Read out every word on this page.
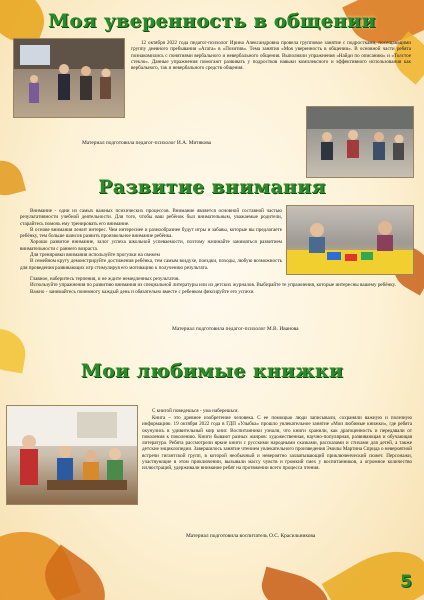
Моя уверенность в общении

12 октября 2022 года педагог-психолог Ирина Александровна провела групповое занятие с подростками, посещающими группу дневного пребывания «Агата» в «Позитив». Тема занятия «Моя уверенность в общении». В основной части ребята познакомились с понятиями вербального и невербального общения. Выполняли упражнения «Найди по описанию» и «Толстое стекло». Данные упражнения помогают развивать у подростков навыки комплексного и эффективного использования как вербального, так и невербального средств общения.

Материал подготовила педагог-психолог И.А. Митякова
Развитие внимания

Внимание - одни из самых важных психических процессов. Внимание является основной составной частью результативности учебной деятельности. Для того, чтобы ваш ребёнок был внимательным, уважаемые родители, старайтесь помочь ему тренировать его внимание.

В основе внимания лежит интерес. Чем интереснее и разнообразнее будут игры и забавы, которые вы предлагаете ребёнку, тем больше шансов развить произвольное внимание ребёнка.

Хорошо развитое внимание, залог успеха школьной успеваемости, поэтому начинайте заниматься развитием внимательности с раннего возраста.

Для тренировки внимания используйте прогулки на свежем

В семейном кругу демонстрируйте достижения ребёнка, тем самым воздухе, поездки, походы, любую возможность для проведения развивающих игр стимулируя его мотивацию к получению результата.

Главное, наберитесь терпения, и не ждите немедленных результатов.

Используйте упражнения по развитию внимания из специальной литературы или из детских журналов. Выбирайте те упражнения, которые интересны вашему ребёнку.

Важно - занимайтесь понемногу каждый день и обязательно вместе с ребенком фиксируйте его успехи.

Материал подготовила педагог-психолог М.В. Иванова
Мои любимые книжки

С книгой поведешься - ума наберешься.

Книга – это древнее изобретение человека. С ее помощью люди записывали, сохраняли важную и полезную информацию. 19 октября 2022 года в ГДП «Улыбка» прошло увлекательное занятие «Мои любимые книжки», где ребята окунулись в удивительный мир книг. Воспитанники узнали, что книги хранили, как драгоценность и передавали от поколения к поколению. Книги бывают разных жанров: художественная, научно-популярная, развивающая и обучающая литература. Ребята рассмотрели яркие книги с русскими народными сказками, рассказами и стихами для детей, а также детские энциклопедии. Завершилось занятие чтением увлекательного произведения Эмилы Мартина Сприда о невероятной встречи гигантской групп, в которой необычный и невероятно захватывающий приключенческий сюжет. Персонажи, участвующие в этом приключении, вызывали массу чувств и громкий смех у воспитанников, а огромное количество иллюстраций, удерживали внимание ребят на протяжении всего процесса чтения.

Материал подготовила воспитатель О.С. Красильникова
5
